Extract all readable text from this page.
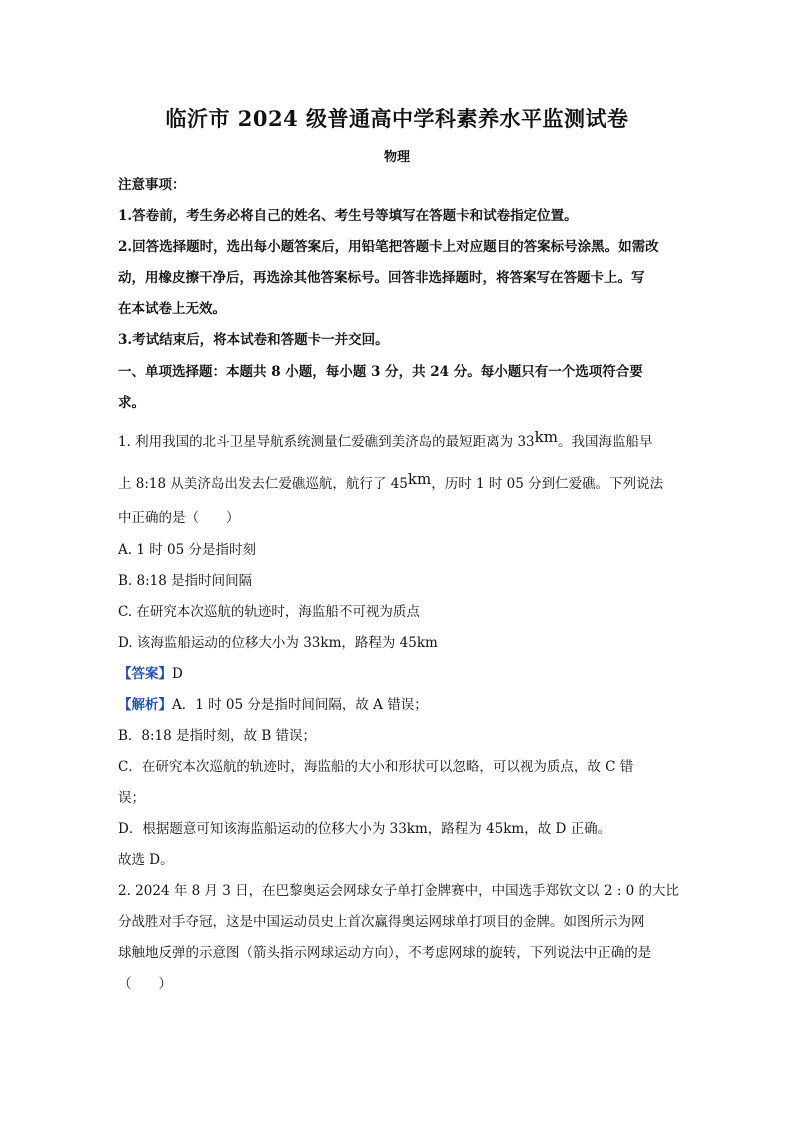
临沂市 2024 级普通高中学科素养水平监测试卷
物理
注意事项：
1.答卷前，考生务必将自己的姓名、考生号等填写在答题卡和试卷指定位置。
2.回答选择题时，选出每小题答案后，用铅笔把答题卡上对应题目的答案标号涂黑。如需改
动，用橡皮擦干净后，再选涂其他答案标号。回答非选择题时，将答案写在答题卡上。写
在本试卷上无效。
3.考试结束后，将本试卷和答题卡一并交回。
一、单项选择题：本题共 8 小题，每小题 3 分，共 24 分。每小题只有一个选项符合要
求。
1. 利用我国的北斗卫星导航系统测量仁爱礁到美济岛的最短距离为 33km。我国海监船早
上 8:18 从美济岛出发去仁爱礁巡航，航行了 45km，历时 1 时 05 分到仁爱礁。下列说法
中正确的是（　　）
A. 1 时 05 分是指时刻
B. 8:18 是指时间间隔
C. 在研究本次巡航的轨迹时，海监船不可视为质点
D. 该海监船运动的位移大小为 33km，路程为 45km
【答案】D
【解析】A．1 时 05 分是指时间间隔，故 A 错误；
B．8:18 是指时刻，故 B 错误；
C．在研究本次巡航的轨迹时，海监船的大小和形状可以忽略，可以视为质点，故 C 错
误；
D．根据题意可知该海监船运动的位移大小为 33km，路程为 45km，故 D 正确。
故选 D。
2. 2024 年 8 月 3 日，在巴黎奥运会网球女子单打金牌赛中，中国选手郑钦文以 2 : 0 的大比
分战胜对手夺冠，这是中国运动员史上首次赢得奥运网球单打项目的金牌。如图所示为网
球触地反弹的示意图（箭头指示网球运动方向），不考虑网球的旋转，下列说法中正确的是
（　　）
